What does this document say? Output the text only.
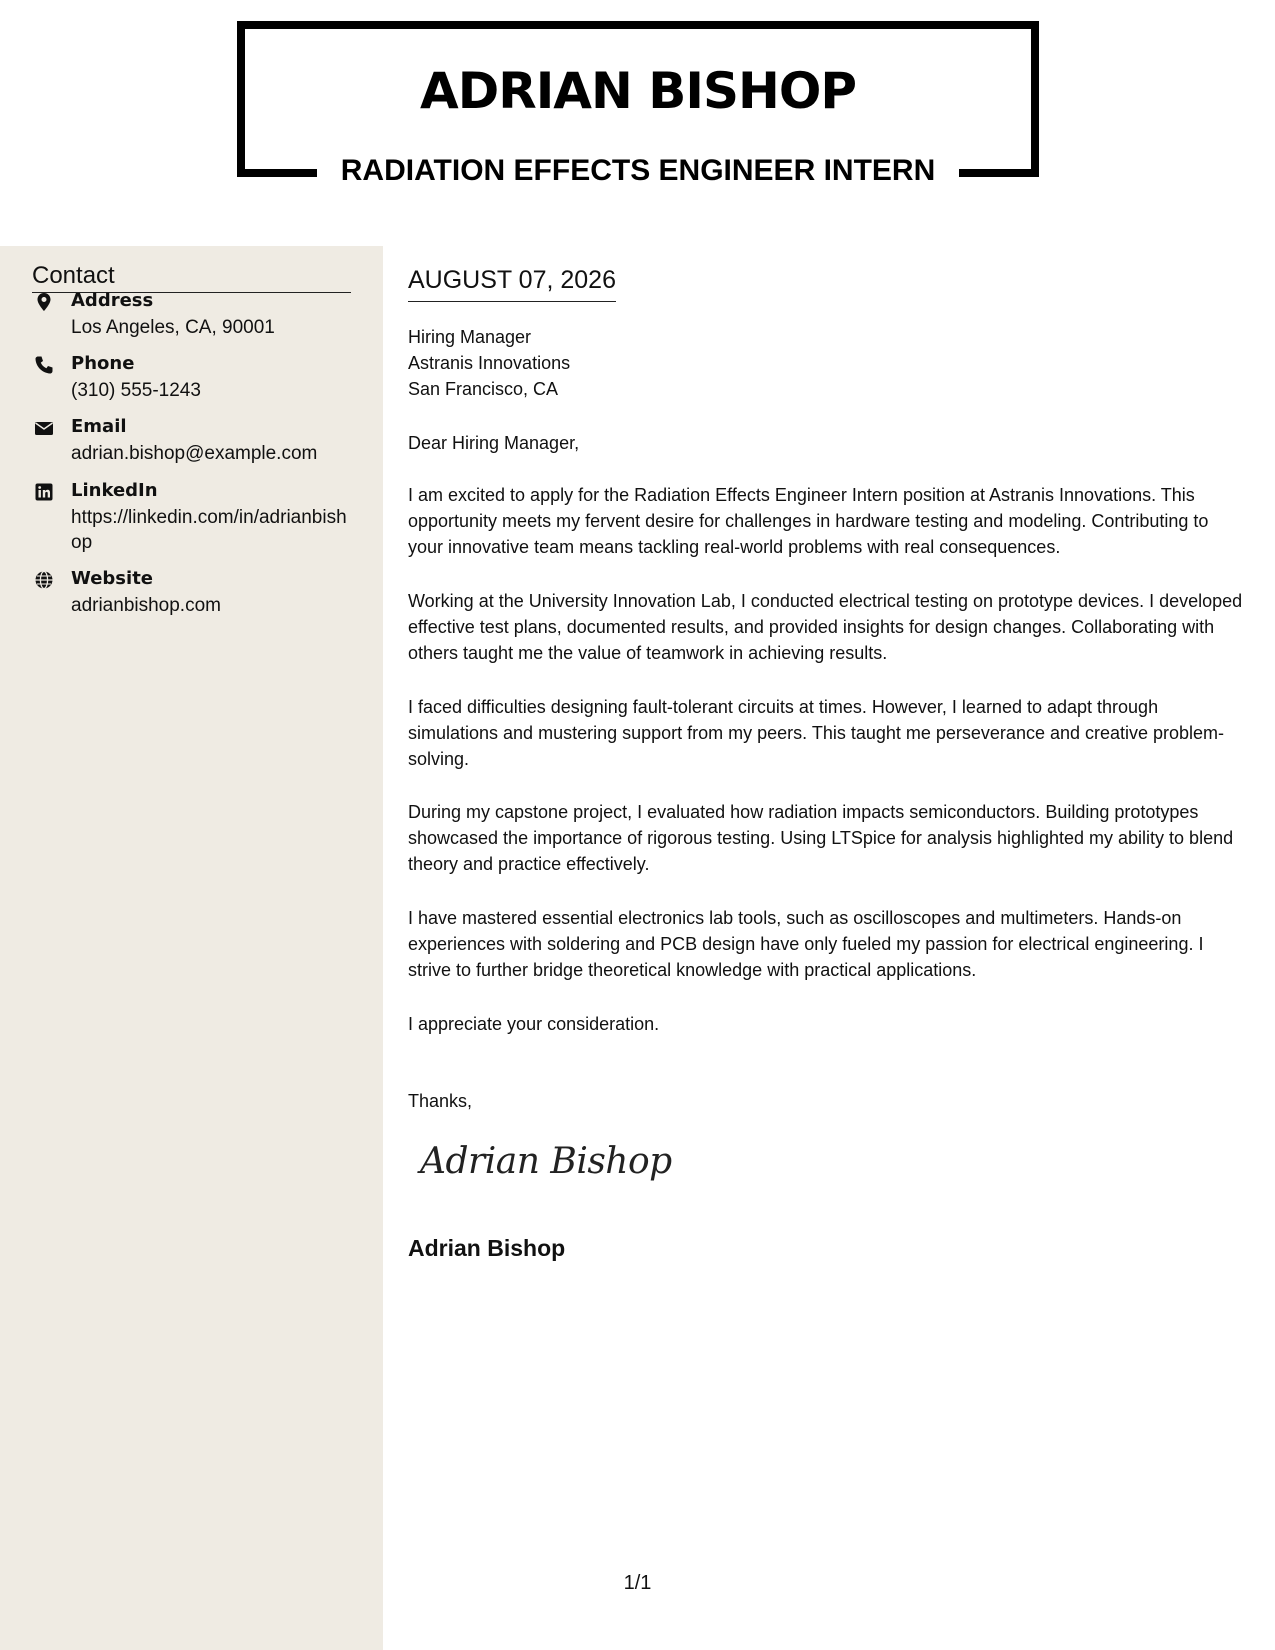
ADRIAN BISHOP
RADIATION EFFECTS ENGINEER INTERN
Contact
Address
Los Angeles, CA, 90001
Phone
(310) 555-1243
Email
adrian.bishop@example.com
LinkedIn
https://linkedin.com/in/adrianbishop
Website
adrianbishop.com
AUGUST 07, 2026
Hiring Manager
Astranis Innovations
San Francisco, CA
Dear Hiring Manager,
I am excited to apply for the Radiation Effects Engineer Intern position at Astranis Innovations. This opportunity meets my fervent desire for challenges in hardware testing and modeling. Contributing to your innovative team means tackling real-world problems with real consequences.
Working at the University Innovation Lab, I conducted electrical testing on prototype devices. I developed effective test plans, documented results, and provided insights for design changes. Collaborating with others taught me the value of teamwork in achieving results.
I faced difficulties designing fault-tolerant circuits at times. However, I learned to adapt through simulations and mustering support from my peers. This taught me perseverance and creative problem-solving.
During my capstone project, I evaluated how radiation impacts semiconductors. Building prototypes showcased the importance of rigorous testing. Using LTSpice for analysis highlighted my ability to blend theory and practice effectively.
I have mastered essential electronics lab tools, such as oscilloscopes and multimeters. Hands-on experiences with soldering and PCB design have only fueled my passion for electrical engineering. I strive to further bridge theoretical knowledge with practical applications.
I appreciate your consideration.
Thanks,
Adrian Bishop
Adrian Bishop
1/1
